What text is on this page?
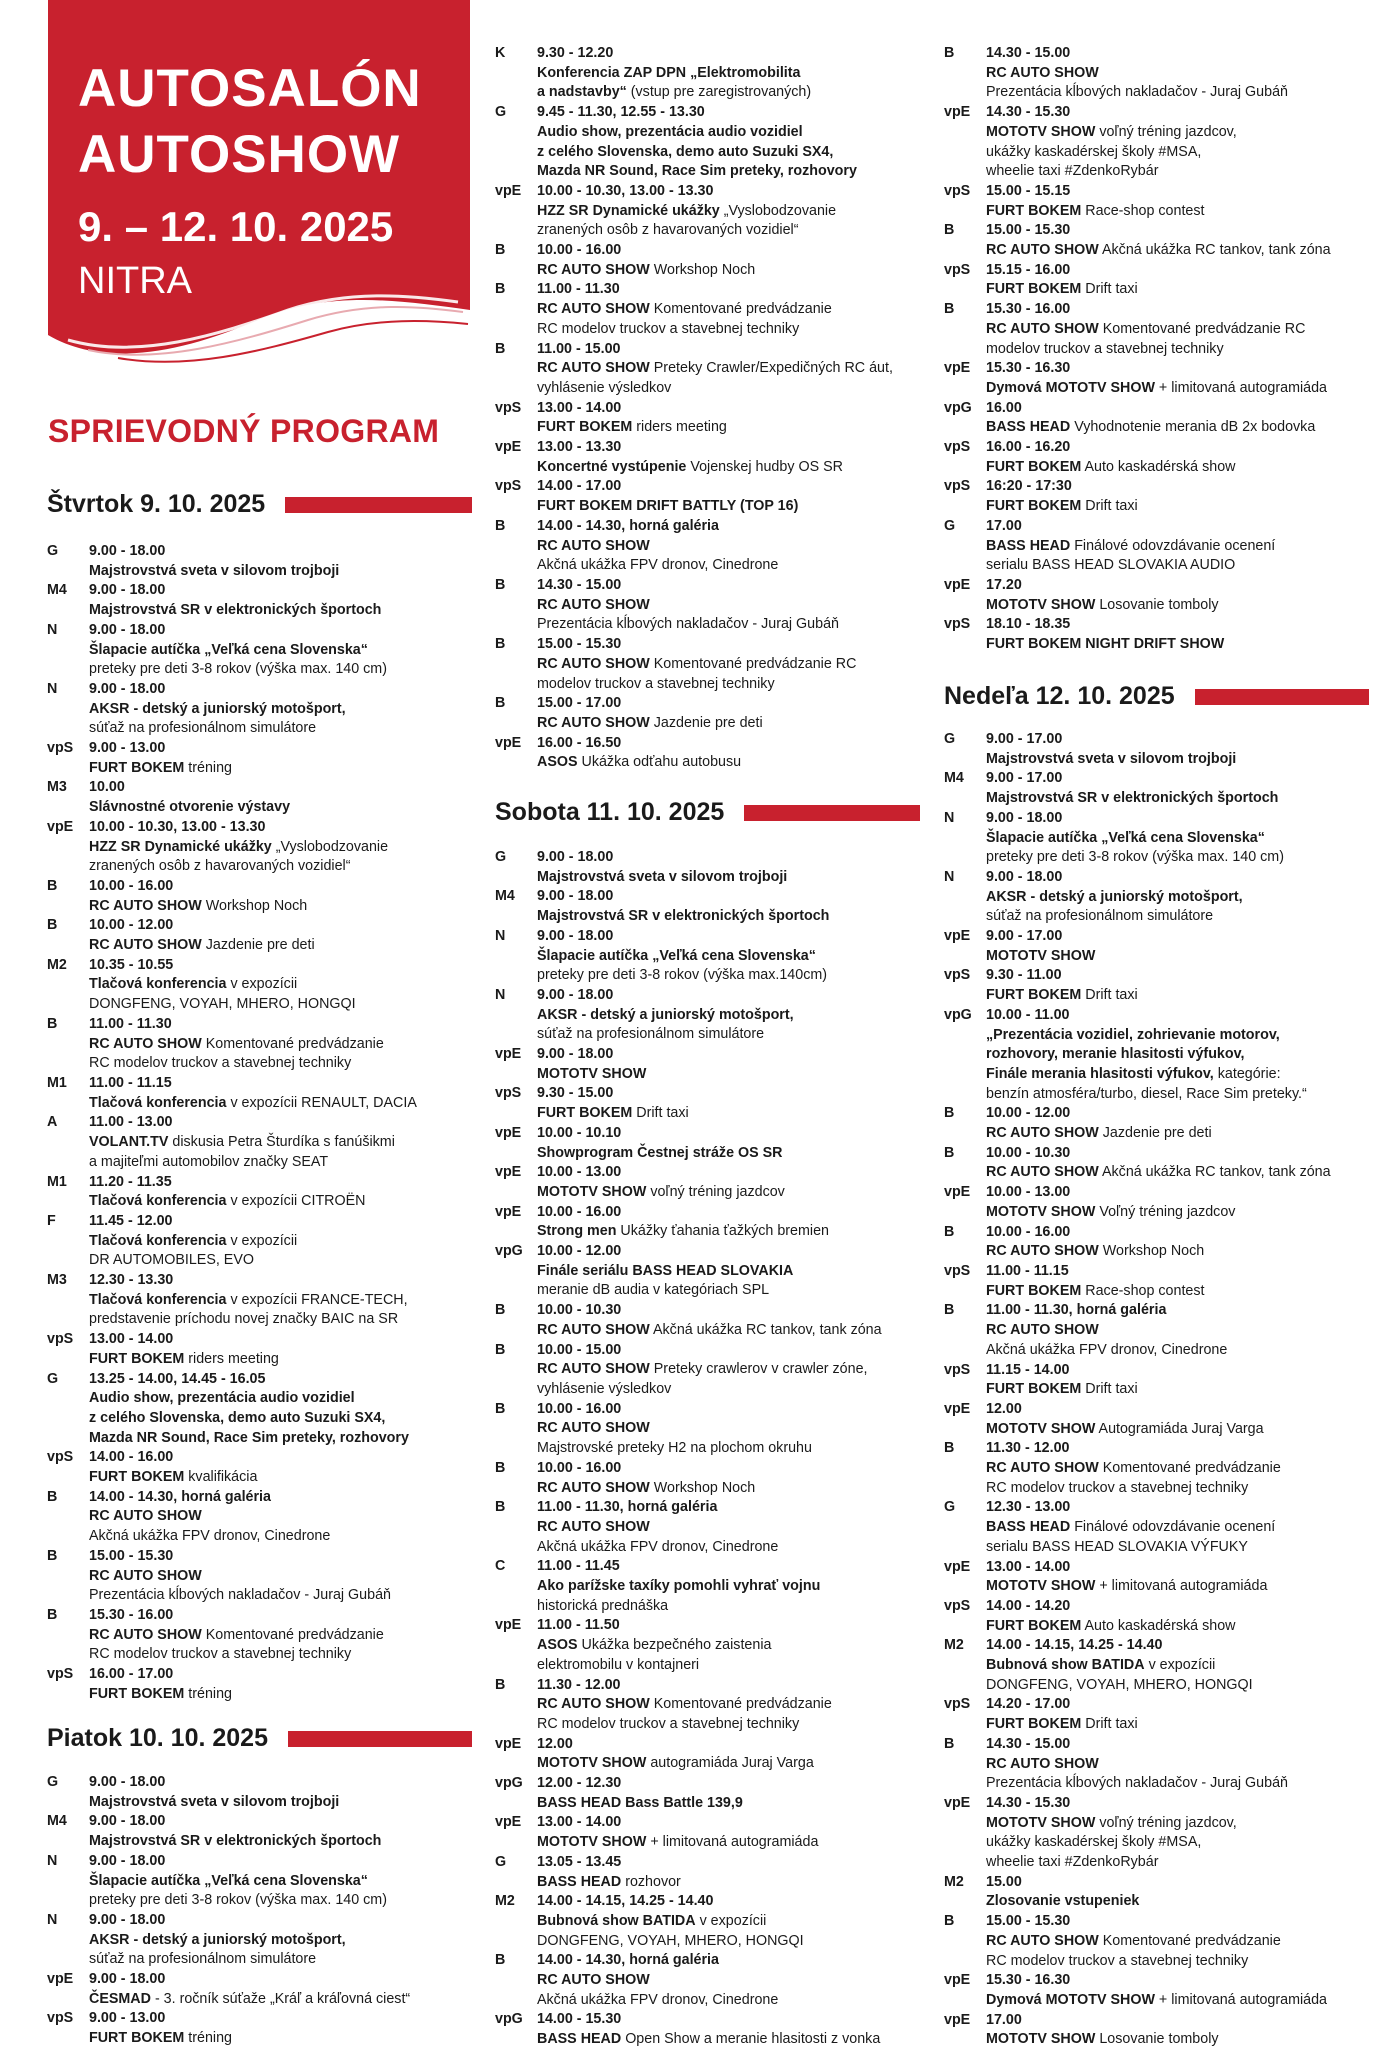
AUTOSALÓN
AUTOSHOW
9. – 12. 10. 2025
NITRA
SPRIEVODNÝ PROGRAM
Štvrtok 9. 10. 2025
G	9.00 - 18.00
Majstrovstvá sveta v silovom trojboji
M4	9.00 - 18.00
Majstrovstvá SR v elektronických športoch
N	9.00 - 18.00
Šlapacie autíčka „Veľká cena Slovenska“
preteky pre deti 3-8 rokov (výška max. 140 cm)
N	9.00 - 18.00
AKSR - detský a juniorský motošport,
súťaž na profesionálnom simulátore
vpS	9.00 - 13.00
FURT BOKEM tréning
M3	10.00
Slávnostné otvorenie výstavy
vpE	10.00 - 10.30, 13.00 - 13.30
HZZ SR Dynamické ukážky „Vyslobodzovanie
zranených osôb z havarovaných vozidiel“
B	10.00 - 16.00
RC AUTO SHOW Workshop Noch
B	10.00 - 12.00
RC AUTO SHOW Jazdenie pre deti
M2	10.35 - 10.55
Tlačová konferencia v expozícii
DONGFENG, VOYAH, MHERO, HONGQI
B	11.00 - 11.30
RC AUTO SHOW Komentované predvádzanie
RC modelov truckov a stavebnej techniky
M1	11.00 - 11.15
Tlačová konferencia v expozícii RENAULT, DACIA
A	11.00 - 13.00
VOLANT.TV diskusia Petra Šturdíka s fanúšikmi
a majiteľmi automobilov značky SEAT
M1	11.20 - 11.35
Tlačová konferencia v expozícii CITROËN
F	11.45 - 12.00
Tlačová konferencia v expozícii
DR AUTOMOBILES, EVO
M3	12.30 - 13.30
Tlačová konferencia v expozícii FRANCE-TECH,
predstavenie príchodu novej značky BAIC na SR
vpS	13.00 - 14.00
FURT BOKEM riders meeting
G	13.25 - 14.00, 14.45 - 16.05
Audio show, prezentácia audio vozidiel
z celého Slovenska, demo auto Suzuki SX4,
Mazda NR Sound, Race Sim preteky, rozhovory
vpS	14.00 - 16.00
FURT BOKEM kvalifikácia
B	14.00 - 14.30, horná galéria
RC AUTO SHOW
Akčná ukážka FPV dronov, Cinedrone
B	15.00 - 15.30
RC AUTO SHOW
Prezentácia kĺbových nakladačov - Juraj Gubáň
B	15.30 - 16.00
RC AUTO SHOW Komentované predvádzanie
RC modelov truckov a stavebnej techniky
vpS	16.00 - 17.00
FURT BOKEM tréning
Piatok 10. 10. 2025
G	9.00 - 18.00
Majstrovstvá sveta v silovom trojboji
M4	9.00 - 18.00
Majstrovstvá SR v elektronických športoch
N	9.00 - 18.00
Šlapacie autíčka „Veľká cena Slovenska“
preteky pre deti 3-8 rokov (výška max. 140 cm)
N	9.00 - 18.00
AKSR - detský a juniorský motošport,
súťaž na profesionálnom simulátore
vpE	9.00 - 18.00
ČESMAD - 3. ročník súťaže „Kráľ a kráľovná ciest“
vpS	9.00 - 13.00
FURT BOKEM tréning
Sobota 11. 10. 2025
G	9.00 - 18.00
Majstrovstvá sveta v silovom trojboji
M4	9.00 - 18.00
Majstrovstvá SR v elektronických športoch
N	9.00 - 18.00
Šlapacie autíčka „Veľká cena Slovenska“
preteky pre deti 3-8 rokov (výška max.140cm)
N	9.00 - 18.00
AKSR - detský a juniorský motošport,
súťaž na profesionálnom simulátore
vpE	9.00 - 18.00
MOTOTV SHOW
vpS	9.30 - 15.00
FURT BOKEM Drift taxi
vpE	10.00 - 10.10
Showprogram Čestnej stráže OS SR
vpE	10.00 - 13.00
MOTOTV SHOW voľný tréning jazdcov
vpE	10.00 - 16.00
Strong men Ukážky ťahania ťažkých bremien
vpG 10.00 - 12.00
Finále seriálu BASS HEAD SLOVAKIA
meranie dB audia v kategóriach SPL
B	10.00 - 10.30
RC AUTO SHOW Akčná ukážka RC tankov, tank zóna
B	10.00 - 15.00
RC AUTO SHOW Preteky crawlerov v crawler zóne,
vyhlásenie výsledkov
B	10.00 - 16.00
RC AUTO SHOW
Majstrovské preteky H2 na plochom okruhu
B	10.00 - 16.00
RC AUTO SHOW Workshop Noch
B	11.00 - 11.30, horná galéria
RC AUTO SHOW
Akčná ukážka FPV dronov, Cinedrone
C	11.00 - 11.45
Ako parížske taxíky pomohli vyhrať vojnu
historická prednáška
vpE	11.00 - 11.50
ASOS Ukážka bezpečného zaistenia
elektromobilu v kontajneri
B	11.30 - 12.00
RC AUTO SHOW Komentované predvádzanie
RC modelov truckov a stavebnej techniky
vpE	12.00
MOTOTV SHOW autogramiáda Juraj Varga
vpG 12.00 - 12.30
BASS HEAD Bass Battle 139,9
vpE	13.00 - 14.00
MOTOTV SHOW + limitovaná autogramiáda
G	13.05 - 13.45
BASS HEAD rozhovor
M2	14.00 - 14.15, 14.25 - 14.40
Bubnová show BATIDA v expozícii
DONGFENG, VOYAH, MHERO, HONGQI
B	14.00 - 14.30, horná galéria
RC AUTO SHOW
Akčná ukážka FPV dronov, Cinedrone
vpG 14.00 - 15.30
BASS HEAD Open Show a meranie hlasitosti z vonka
Nedeľa 12. 10. 2025
G	9.00 - 17.00
Majstrovstvá sveta v silovom trojboji
M4	9.00 - 17.00
Majstrovstvá SR v elektronických športoch
N	9.00 - 18.00
Šlapacie autíčka „Veľká cena Slovenska“
preteky pre deti 3-8 rokov (výška max. 140 cm)
N	9.00 - 18.00
AKSR - detský a juniorský motošport,
súťaž na profesionálnom simulátore
vpE	9.00 - 17.00
MOTOTV SHOW
vpS	9.30 - 11.00
FURT BOKEM Drift taxi
vpG 10.00 - 11.00
„Prezentácia vozidiel, zohrievanie motorov,
rozhovory, meranie hlasitosti výfukov,
Finále merania hlasitosti výfukov, kategórie:
benzín atmosféra/turbo, diesel, Race Sim preteky.“
B	10.00 - 12.00
RC AUTO SHOW Jazdenie pre deti
B	10.00 - 10.30
RC AUTO SHOW Akčná ukážka RC tankov, tank zóna
vpE	10.00 - 13.00
MOTOTV SHOW Voľný tréning jazdcov
B	10.00 - 16.00
RC AUTO SHOW Workshop Noch
vpS	11.00 - 11.15
FURT BOKEM Race-shop contest
B	11.00 - 11.30, horná galéria
RC AUTO SHOW
Akčná ukážka FPV dronov, Cinedrone
vpS	11.15 - 14.00
FURT BOKEM Drift taxi
vpE	12.00
MOTOTV SHOW Autogramiáda Juraj Varga
B	11.30 - 12.00
RC AUTO SHOW Komentované predvádzanie
RC modelov truckov a stavebnej techniky
G	12.30 - 13.00
BASS HEAD Finálové odovzdávanie ocenení
serialu BASS HEAD SLOVAKIA VÝFUKY
vpE	13.00 - 14.00
MOTOTV SHOW + limitovaná autogramiáda
vpS	14.00 - 14.20
FURT BOKEM Auto kaskadérská show
M2	14.00 - 14.15, 14.25 - 14.40
Bubnová show BATIDA v expozícii
DONGFENG, VOYAH, MHERO, HONGQI
vpS	14.20 - 17.00
FURT BOKEM Drift taxi
B	14.30 - 15.00
RC AUTO SHOW
Prezentácia kĺbových nakladačov - Juraj Gubáň
vpE	14.30 - 15.30
MOTOTV SHOW voľný tréning jazdcov,
ukážky kaskadérskej školy #MSA,
wheelie taxi #ZdenkoRybár
M2	15.00
Zlosovanie vstupeniek
B	15.00 - 15.30
RC AUTO SHOW Komentované predvádzanie
RC modelov truckov a stavebnej techniky
vpE	15.30 - 16.30
Dymová MOTOTV SHOW + limitovaná autogramiáda
vpE	17.00
MOTOTV SHOW Losovanie tomboly
K	9.30 - 12.20
Konferencia ZAP DPN „Elektromobilita
a nadstavby“ (vstup pre zaregistrovaných)
G	9.45 - 11.30, 12.55 - 13.30
Audio show, prezentácia audio vozidiel
z celého Slovenska, demo auto Suzuki SX4,
Mazda NR Sound, Race Sim preteky, rozhovory
vpE	10.00 - 10.30, 13.00 - 13.30
HZZ SR Dynamické ukážky „Vyslobodzovanie
zranených osôb z havarovaných vozidiel“
B	10.00 - 16.00
RC AUTO SHOW Workshop Noch
B	11.00 - 11.30
RC AUTO SHOW Komentované predvádzanie
RC modelov truckov a stavebnej techniky
B	11.00 - 15.00
RC AUTO SHOW Preteky Crawler/Expedičných RC áut,
vyhlásenie výsledkov
vpS	13.00 - 14.00
FURT BOKEM riders meeting
vpE	13.00 - 13.30
Koncertné vystúpenie Vojenskej hudby OS SR
vpS	14.00 - 17.00
FURT BOKEM DRIFT BATTLY (TOP 16)
B	14.00 - 14.30, horná galéria
RC AUTO SHOW
Akčná ukážka FPV dronov, Cinedrone
B	14.30 - 15.00
RC AUTO SHOW
Prezentácia kĺbových nakladačov - Juraj Gubáň
B	15.00 - 15.30
RC AUTO SHOW Komentované predvádzanie RC
modelov truckov a stavebnej techniky
B	15.00 - 17.00
RC AUTO SHOW Jazdenie pre deti
vpE	16.00 - 16.50
ASOS Ukážka odťahu autobusu
B	14.30 - 15.00
RC AUTO SHOW
Prezentácia kĺbových nakladačov - Juraj Gubáň
vpE	14.30 - 15.30
MOTOTV SHOW voľný tréning jazdcov,
ukážky kaskadérskej školy #MSA,
wheelie taxi #ZdenkoRybár
vpS	15.00 - 15.15
FURT BOKEM Race-shop contest
B	15.00 - 15.30
RC AUTO SHOW Akčná ukážka RC tankov, tank zóna
vpS	15.15 - 16.00
FURT BOKEM Drift taxi
B	15.30 - 16.00
RC AUTO SHOW Komentované predvádzanie RC
modelov truckov a stavebnej techniky
vpE	15.30 - 16.30
Dymová MOTOTV SHOW + limitovaná autogramiáda
vpG 16.00
BASS HEAD Vyhodnotenie merania dB 2x bodovka
vpS	16.00 - 16.20
FURT BOKEM Auto kaskadérská show
vpS	16:20 - 17:30
FURT BOKEM Drift taxi
G	17.00
BASS HEAD Finálové odovzdávanie ocenení
serialu BASS HEAD SLOVAKIA AUDIO
vpE	17.20
MOTOTV SHOW Losovanie tomboly
vpS	18.10 - 18.35
FURT BOKEM NIGHT DRIFT SHOW
